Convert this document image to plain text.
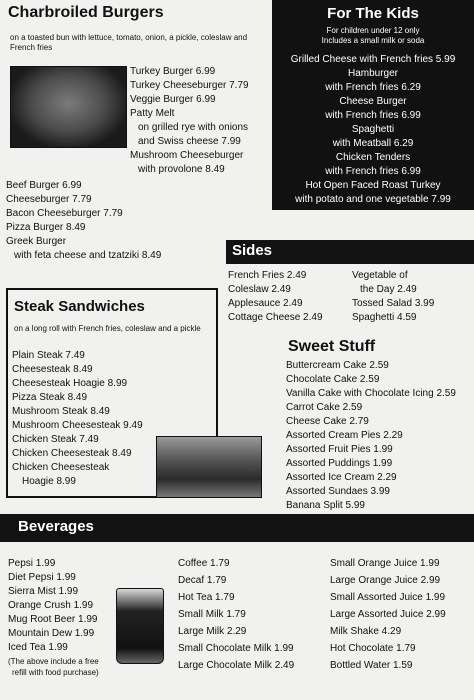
Charbroiled Burgers
on a toasted bun with lettuce, tomato, onion, a pickle, coleslaw and French fries
Turkey Burger 6.99
Turkey Cheeseburger 7.79
Veggie Burger 6.99
Patty Melt
on grilled rye with onions
and Swiss cheese 7.99
Mushroom Cheeseburger
with provolone 8.49
Beef Burger 6.99
Cheeseburger 7.79
Bacon Cheeseburger 7.79
Pizza Burger 8.49
Greek Burger
with feta cheese and tzatziki 8.49
For The Kids
For children under 12 only
Includes a small milk or soda
Grilled Cheese with French fries 5.99
Hamburger
with French fries 6.29
Cheese Burger
with French fries 6.99
Spaghetti
with Meatball 6.29
Chicken Tenders
with French fries 6.99
Hot Open Faced Roast Turkey
with potato and one vegetable 7.99
Sides
French Fries 2.49
Coleslaw 2.49
Applesauce 2.49
Cottage Cheese 2.49
Vegetable of
the Day 2.49
Tossed Salad 3.99
Spaghetti 4.59
Steak Sandwiches
on a long roll with French fries, coleslaw and a pickle
Plain Steak 7.49
Cheesesteak 8.49
Cheesesteak Hoagie 8.99
Pizza Steak 8.49
Mushroom Steak 8.49
Mushroom Cheesesteak 9.49
Chicken Steak 7.49
Chicken Cheesesteak 8.49
Chicken Cheesesteak
Hoagie 8.99
Sweet Stuff
Buttercream Cake 2.59
Chocolate Cake 2.59
Vanilla Cake with Chocolate Icing 2.59
Carrot Cake 2.59
Cheese Cake 2.79
Assorted Cream Pies 2.29
Assorted Fruit Pies 1.99
Assorted Puddings 1.99
Assorted Ice Cream 2.29
Assorted Sundaes 3.99
Banana Split 5.99
Beverages
Pepsi 1.99
Diet Pepsi 1.99
Sierra Mist 1.99
Orange Crush 1.99
Mug Root Beer 1.99
Mountain Dew 1.99
Iced Tea 1.99
(The above include a free
refill with food purchase)
Coffee 1.79
Decaf 1.79
Hot Tea 1.79
Small Milk 1.79
Large Milk 2.29
Small Chocolate Milk 1.99
Large Chocolate Milk 2.49
Small Orange Juice 1.99
Large Orange Juice 2.99
Small Assorted Juice 1.99
Large Assorted Juice 2.99
Milk Shake 4.29
Hot Chocolate 1.79
Bottled Water 1.59
